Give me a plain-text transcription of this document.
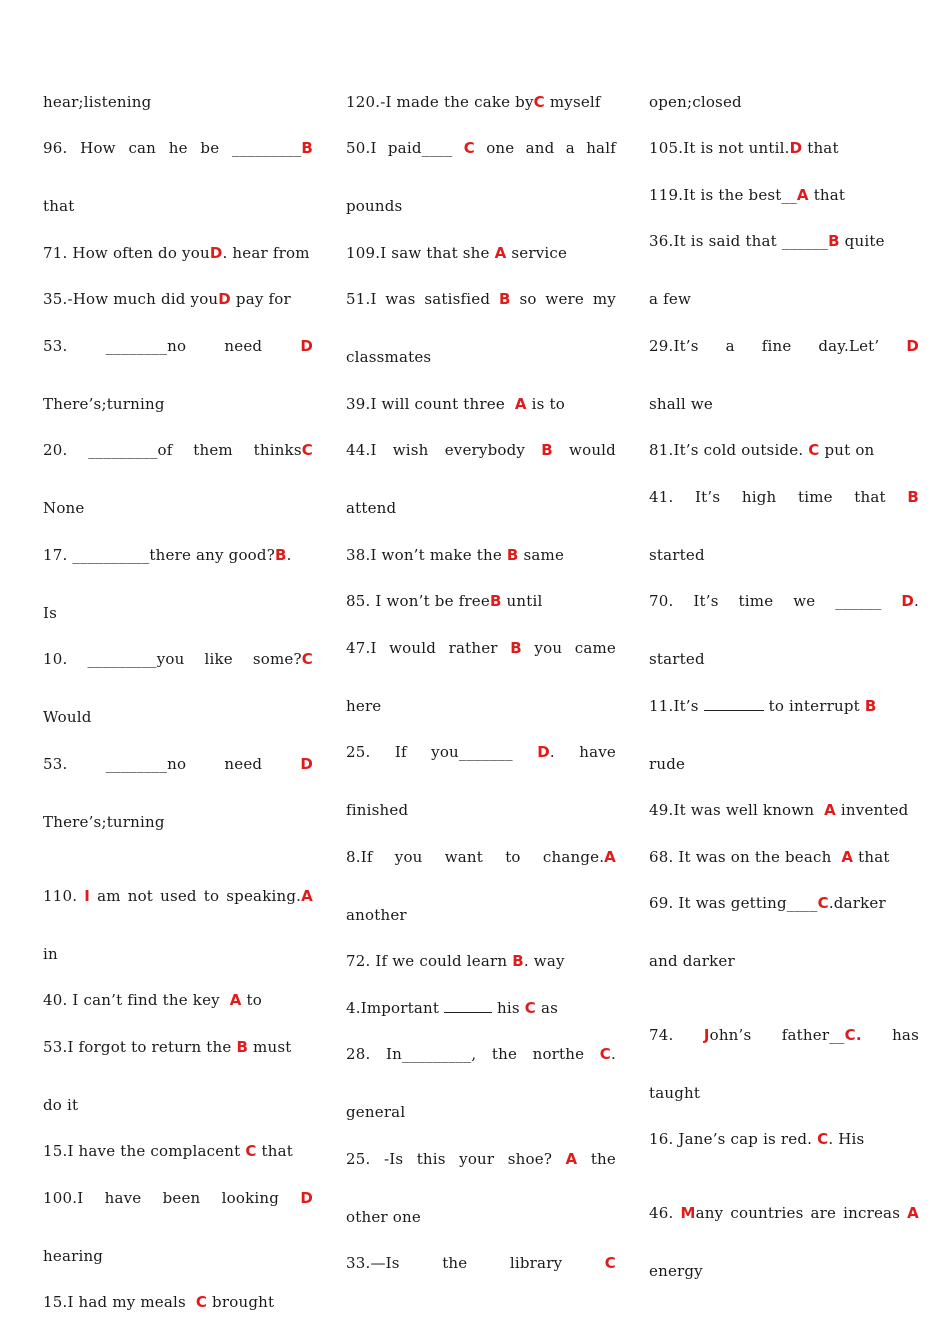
hear;listening
96. How can he be _________B
that
71. How often do youD. hear from
35.-How much did youD pay for
53.	________no	need	D
There’s;turning
20. _________of them thinksC
None
17. __________there any good?B.
Is
10. _________you like some?C
Would
53.	________no	need	D
There’s;turning
110. I am not used to speaking.A
in
40. I can’t find the key  A to
53.I forgot to return the B must
do it
15.I have the complacent C that
100.I have been looking D
hearing
15.I had my meals  C brought
120.-I made the cake byC myself
50.I paid____ C one and a half
pounds
109.I saw that she A service
51.I was satisfied B so were my
classmates
39.I will count three  A is to
44.I wish everybody B would
attend
38.I won’t make the B same
85. I won’t be freeB until
47.I would rather B you came
here
25. If you_______ D. have
finished
8.If you want to change.A
another
72. If we could learn B. way
4.Important	his C as
28. In_________, the northe C.
general
25. -Is this your shoe? A the
other one
33.—Is	the	library	C
open;closed
105.It is not until.D that
119.It is the best__A that
36.It is said that ______B quite
a few
29.It’s a fine day.Let’ D
shall we
81.It’s cold outside. C put on
41. It’s high time that B
started
70. It’s time we ______ D.
started
11.It’s	to interrupt B
rude
49.It was well known  A invented
68. It was on the beach  A that
69. It was getting____C.darker
and darker
74. John’s father__C. has
taught
16. Jane’s cap is red. C. His
46. Many countries are increas A
energy
